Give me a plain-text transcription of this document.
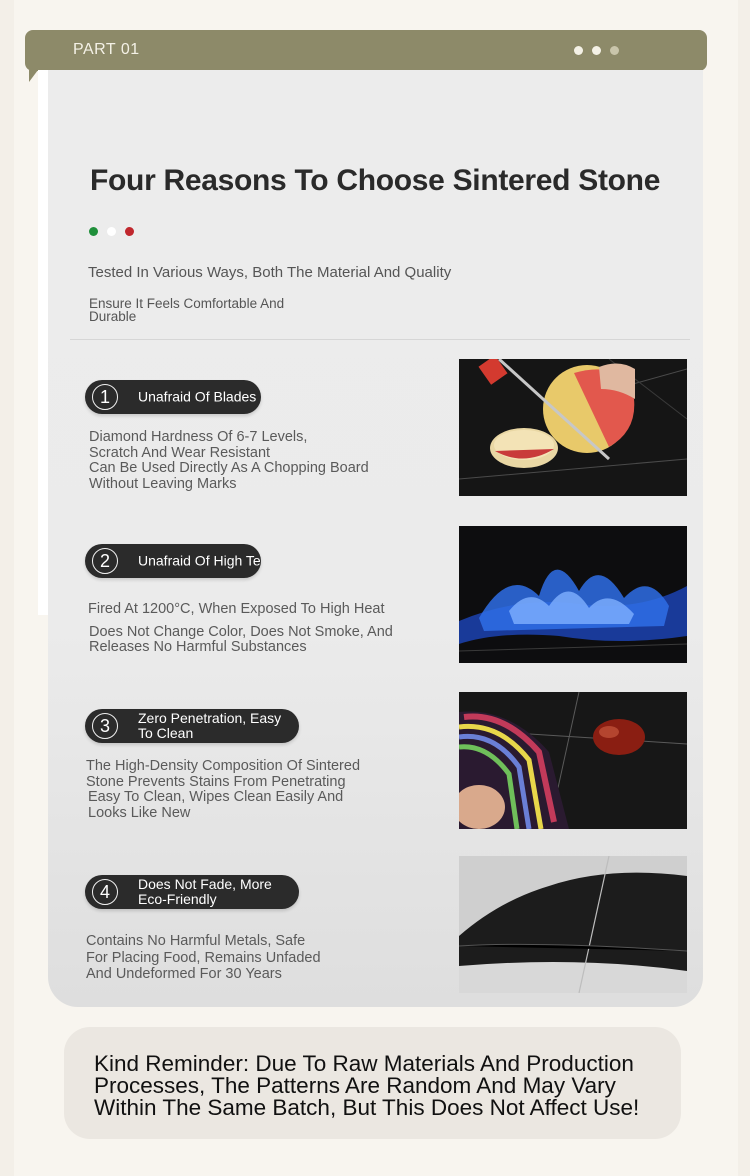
PART 01
Four Reasons To Choose Sintered Stone
Tested In Various Ways, Both The Material And Quality
Ensure It Feels Comfortable And Durable
1	Unafraid Of Blades
Diamond Hardness Of 6-7 Levels,
Scratch And Wear Resistant
Can Be Used Directly As A Chopping Board
Without Leaving Marks
2	Unafraid Of High Te
Fired At 1200°C, When Exposed To High Heat
Does Not Change Color, Does Not Smoke, And
Releases No Harmful Substances
3	Zero Penetration, Easy To Clean
The High-Density Composition Of Sintered
Stone Prevents Stains From Penetrating
Easy To Clean, Wipes Clean Easily And
Looks Like New
4	Does Not Fade, More Eco-Friendly
Contains No Harmful Metals, Safe
For Placing Food, Remains Unfaded
And Undeformed For 30 Years
Kind Reminder: Due To Raw Materials And Production Processes, The Patterns Are Random And May Vary Within The Same Batch, But This Does Not Affect Use!
